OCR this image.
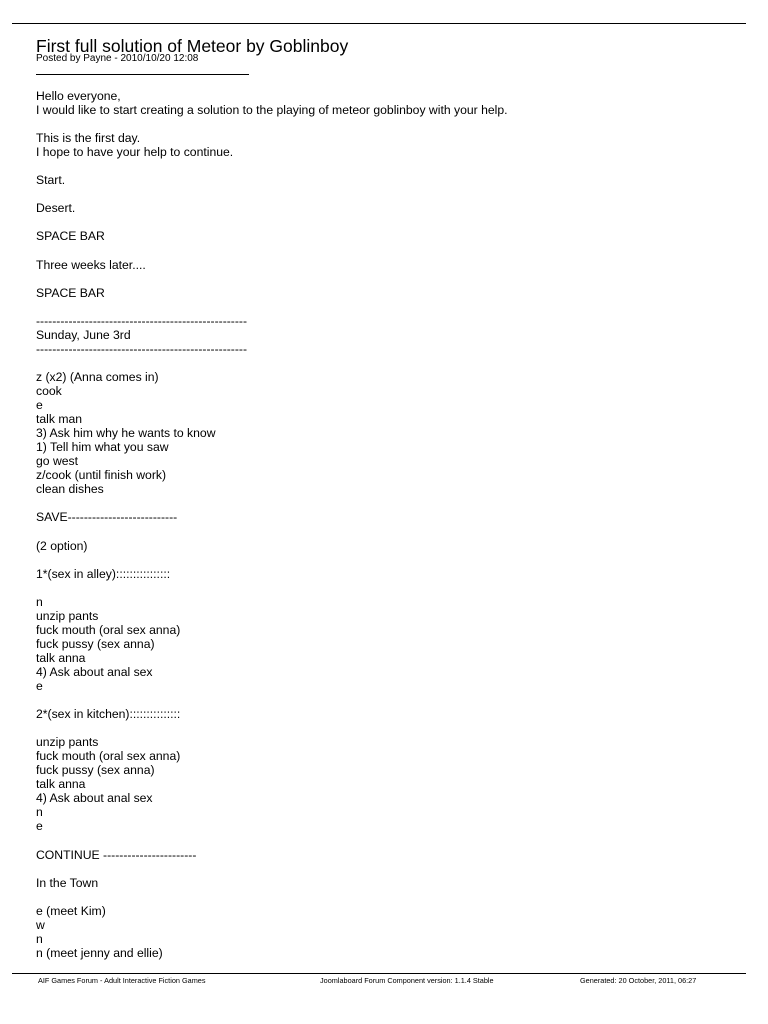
First full solution of Meteor by Goblinboy
Posted by Payne - 2010/10/20 12:08
Hello everyone,
I would like to start creating a solution to the playing of meteor goblinboy with your help.
This is the first day.
I hope to have your help to continue.
Start.
Desert.
SPACE BAR
Three weeks later....
SPACE BAR
----------------------------------------------------
Sunday, June 3rd
----------------------------------------------------
z (x2) (Anna comes in)
cook
e
talk man
3) Ask him why he wants to know
1) Tell him what you saw
go west
z/cook (until finish work)
clean dishes
SAVE---------------------------
(2 option)
1*(sex in alley)::::::::::::::::
n
unzip pants
fuck mouth (oral sex anna)
fuck pussy (sex anna)
talk anna
4) Ask about anal sex
e
2*(sex in kitchen):::::::::::::::
unzip pants
fuck mouth (oral sex anna)
fuck pussy (sex anna)
talk anna
4) Ask about anal sex
n
e
CONTINUE -----------------------
In the Town
e (meet Kim)
w
n
n (meet jenny and ellie)
AIF Games Forum - Adult Interactive Fiction Games	Joomlaboard Forum Component version: 1.1.4 Stable	Generated: 20 October, 2011, 06:27
